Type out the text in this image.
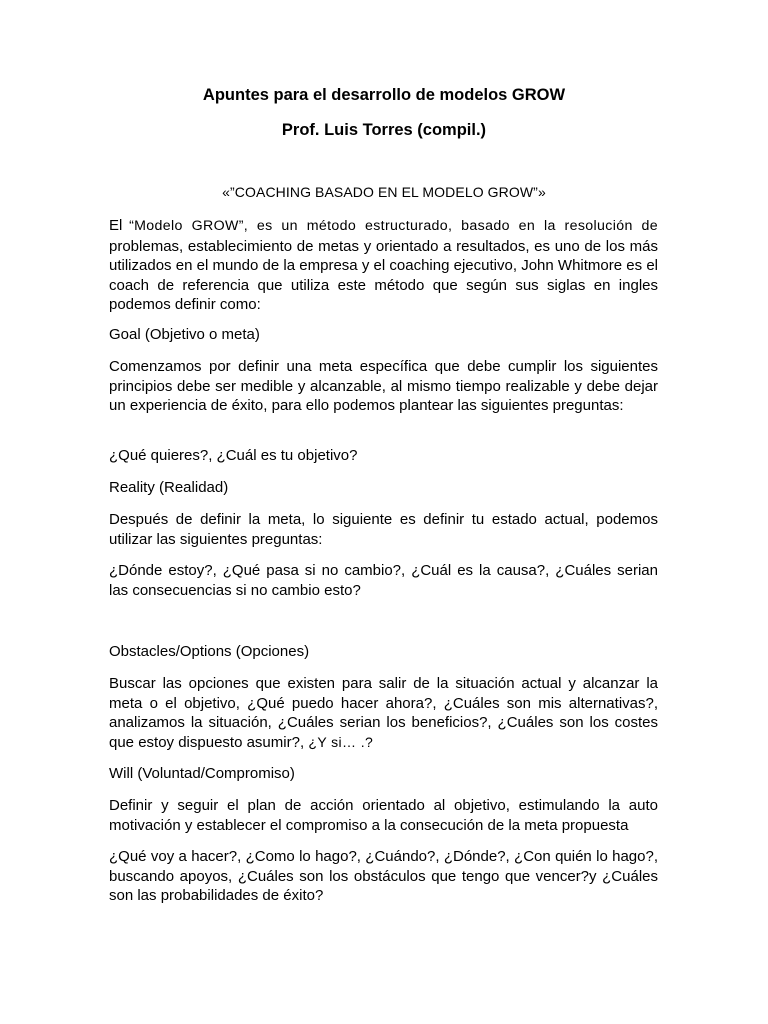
Apuntes para el desarrollo de modelos GROW

Prof. Luis Torres (compil.)

«”COACHING BASADO EN EL MODELO GROW”»

El “Modelo GROW”, es un método estructurado, basado en la resolución de problemas, establecimiento de metas y orientado a resultados, es uno de los más utilizados en el mundo de la empresa y el coaching ejecutivo, John Whitmore es el coach de referencia que utiliza este método que según sus siglas en ingles podemos definir como:

Goal (Objetivo o meta)

Comenzamos por definir una meta específica que debe cumplir los siguientes principios debe ser medible y alcanzable, al mismo tiempo realizable y debe dejar un experiencia de éxito, para ello podemos plantear las siguientes preguntas:

¿Qué quieres?, ¿Cuál es tu objetivo?

Reality (Realidad)

Después de definir la meta, lo siguiente es definir tu estado actual, podemos utilizar las siguientes preguntas:

¿Dónde estoy?, ¿Qué pasa si no cambio?, ¿Cuál es la causa?, ¿Cuáles serian las consecuencias si no cambio esto?

Obstacles/Options (Opciones)

Buscar las opciones que existen para salir de la situación actual y alcanzar la meta o el objetivo, ¿Qué puedo hacer ahora?, ¿Cuáles son mis alternativas?, analizamos la situación, ¿Cuáles serian los beneficios?, ¿Cuáles son los costes que estoy dispuesto asumir?, ¿Y si… .?

Will (Voluntad/Compromiso)

Definir y seguir el plan de acción orientado al objetivo, estimulando la auto motivación y establecer el compromiso a la consecución de la meta propuesta

¿Qué voy a hacer?, ¿Como lo hago?, ¿Cuándo?, ¿Dónde?, ¿Con quién lo hago?, buscando apoyos, ¿Cuáles son los obstáculos que tengo que vencer?y ¿Cuáles son las probabilidades de éxito?
